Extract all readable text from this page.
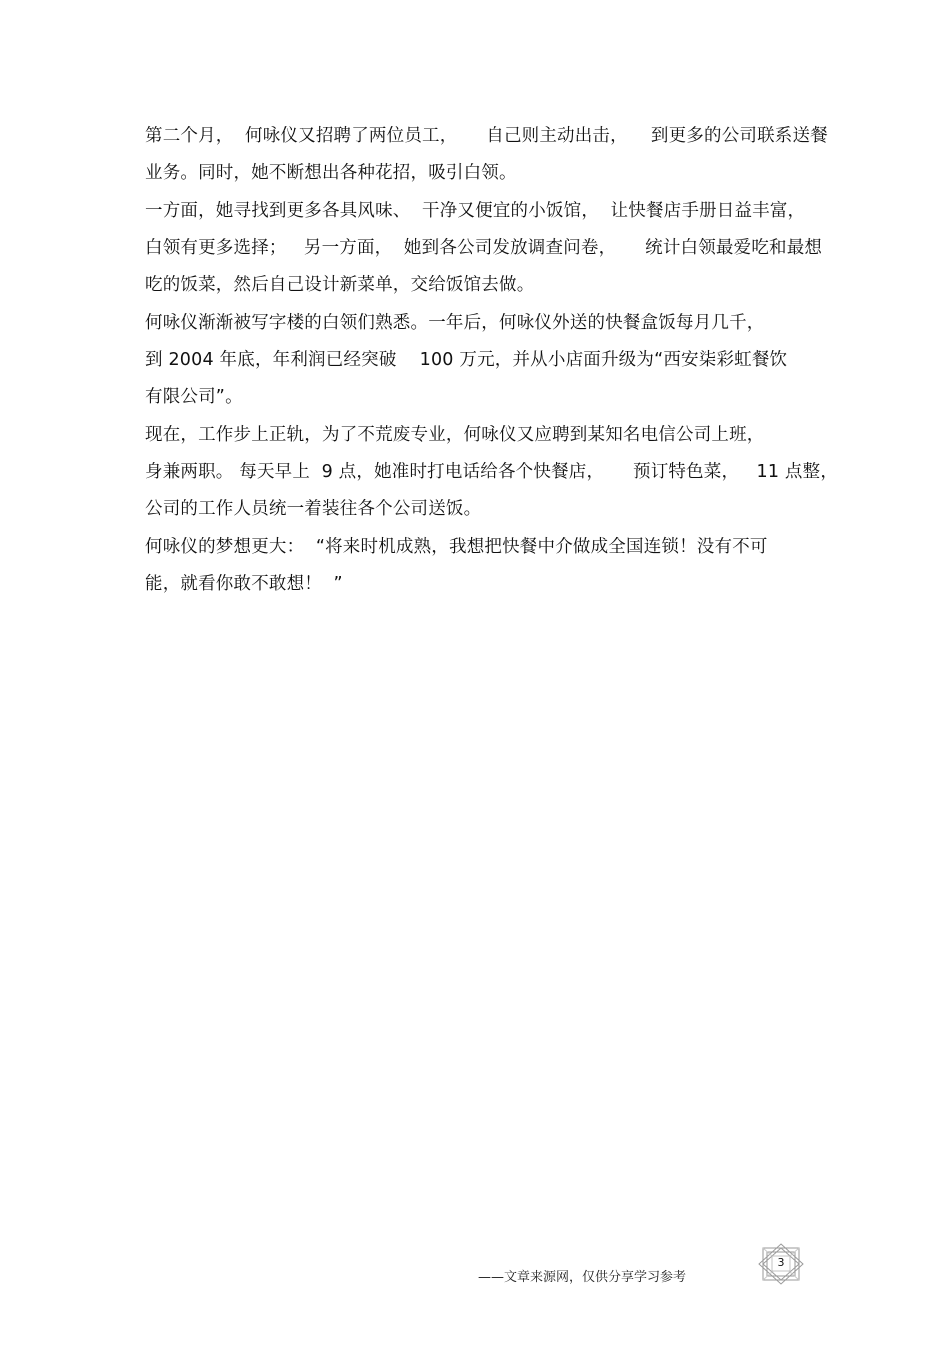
第二个月，  何咏仪又招聘了两位员工，     自己则主动出击，    到更多的公司联系送餐
业务。同时，她不断想出各种花招，吸引白领。
一方面，她寻找到更多各具风味、  干净又便宜的小饭馆，  让快餐店手册日益丰富，
白领有更多选择；   另一方面，  她到各公司发放调查问卷，     统计白领最爱吃和最想
吃的饭菜，然后自己设计新菜单，交给饭馆去做。
何咏仪渐渐被写字楼的白领们熟悉。一年后，何咏仪外送的快餐盒饭每月几千，
到 2004 年底，年利润已经突破    100 万元，并从小店面升级为“西安柒彩虹餐饮
有限公司”。
现在，工作步上正轨，为了不荒废专业，何咏仪又应聘到某知名电信公司上班，
身兼两职。 每天早上  9 点，她准时打电话给各个快餐店，     预订特色菜，   11 点整，
公司的工作人员统一着装往各个公司送饭。
何咏仪的梦想更大：  “将来时机成熟，我想把快餐中介做成全国连锁！没有不可
能，就看你敢不敢想！  ”
——文章来源网，仅供分享学习参考
3
